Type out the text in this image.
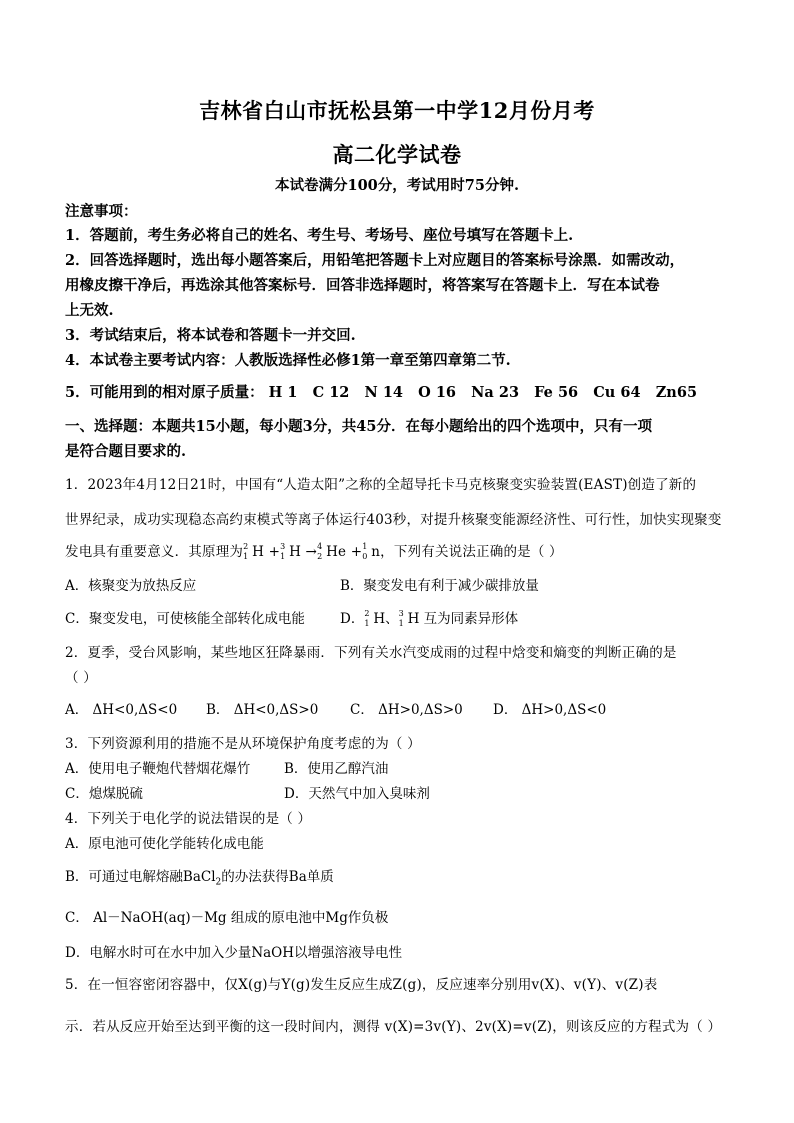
吉林省白山市抚松县第一中学12月份月考
高二化学试卷
本试卷满分100分，考试用时75分钟.
注意事项：
1．答题前，考生务必将自己的姓名、考生号、考场号、座位号填写在答题卡上.
2．回答选择题时，选出每小题答案后，用铅笔把答题卡上对应题目的答案标号涂黑．如需改动，
用橡皮擦干净后，再选涂其他答案标号．回答非选择题时，将答案写在答题卡上．写在本试卷
上无效.
3．考试结束后，将本试卷和答题卡一并交回.
4．本试卷主要考试内容：人教版选择性必修1第一章至第四章第二节.
5．可能用到的相对原子质量： H 1   C 12   N 14   O 16   Na 23   Fe 56   Cu 64   Zn65
一、选择题：本题共15小题，每小题3分，共45分．在每小题给出的四个选项中，只有一项
是符合题目要求的.
1．2023年4月12日21时，中国有“人造太阳”之称的全超导托卡马克核聚变实验装置(EAST)创造了新的
世界纪录，成功实现稳态高约束模式等离子体运行403秒，对提升核聚变能源经济性、可行性，加快实现聚变
发电具有重要意义．其原理为 2
1 H + 3
1 H → 4
2 He + 1
0 n，下列有关说法正确的是（ ）
A．核聚变为放热反应	B．聚变发电有利于减少碳排放量
C．聚变发电，可使核能全部转化成电能	D． 2
1 H、 3
1 H 互为同素异形体
2．夏季，受台风影响，某些地区狂降暴雨．下列有关水汽变成雨的过程中焓变和熵变的判断正确的是
（ ）
A． ΔH<0,ΔS<0 B． ΔH<0,ΔS>0 C． ΔH>0,ΔS>0 D． ΔH>0,ΔS<0
3．下列资源利用的措施不是从环境保护角度考虑的为（ ）
A．使用电子鞭炮代替烟花爆竹	B．使用乙醇汽油
C．熄煤脱硫	D．天然气中加入臭味剂
4．下列关于电化学的说法错误的是（ ）
A．原电池可使化学能转化成电能
B．可通过电解熔融BaCl$_2$的办法获得Ba单质
C． Al－NaOH(aq)－Mg 组成的原电池中Mg作负极
D．电解水时可在水中加入少量NaOH以增强溶液导电性
5．在一恒容密闭容器中，仅X(g)与Y(g)发生反应生成Z(g)，反应速率分别用v(X)、v(Y)、v(Z)表
示．若从反应开始至达到平衡的这一段时间内，测得 v(X)=3v(Y)、2v(X)=v(Z)，则该反应的方程式为（ ）
